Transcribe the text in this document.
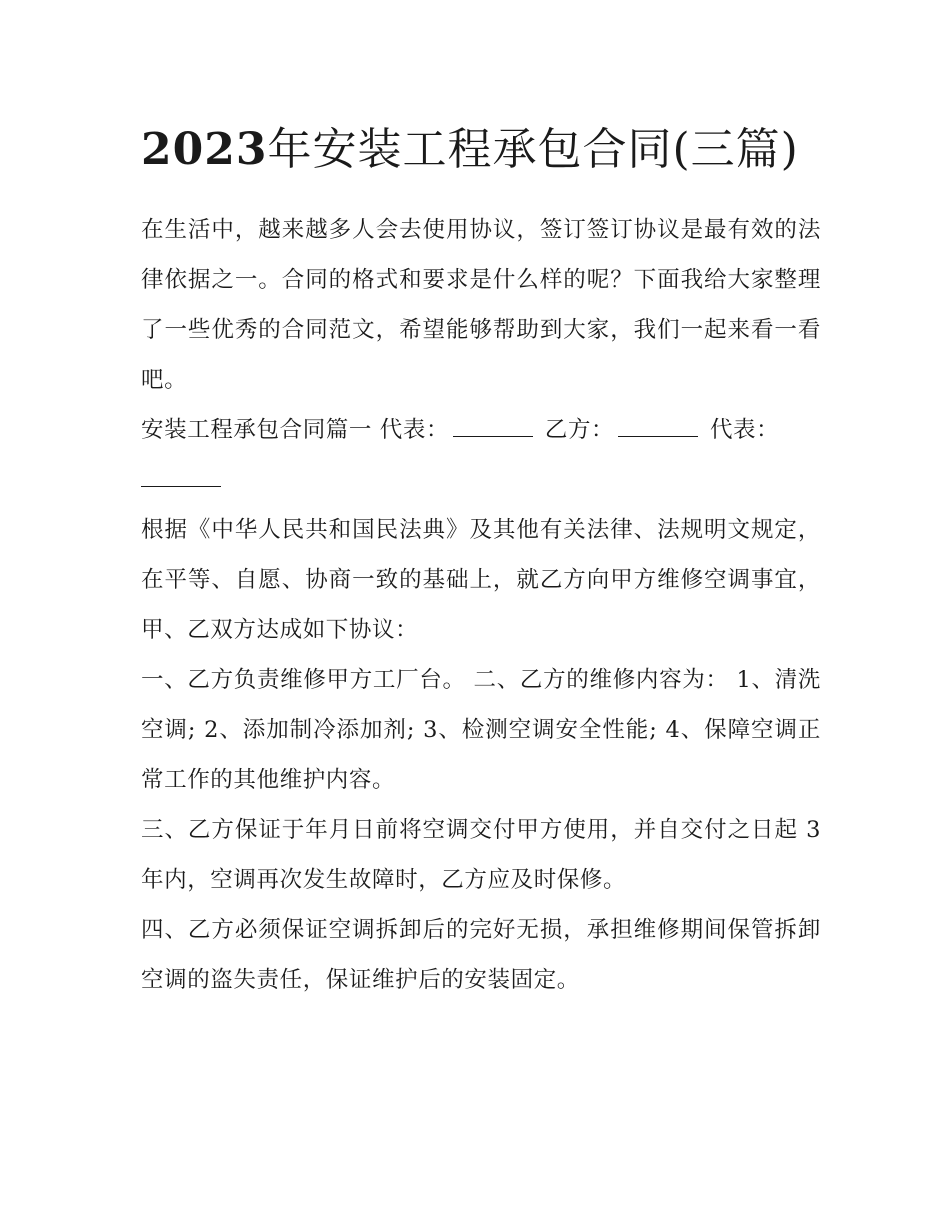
2023年安装工程承包合同(三篇)

在生活中，越来越多人会去使用协议，签订签订协议是最有效的法律依据之一。合同的格式和要求是什么样的呢？下面我给大家整理了一些优秀的合同范文，希望能够帮助到大家，我们一起来看一看吧。

安装工程承包合同篇一 代表：	乙方：	代表：

根据《中华人民共和国民法典》及其他有关法律、法规明文规定，在平等、自愿、协商一致的基础上，就乙方向甲方维修空调事宜，甲、乙双方达成如下协议：

一、乙方负责维修甲方工厂台。 二、乙方的维修内容为： 1、清洗空调; 2、添加制冷添加剂; 3、检测空调安全性能; 4、保障空调正常工作的其他维护内容。

三、乙方保证于年月日前将空调交付甲方使用，并自交付之日起 3 年内，空调再次发生故障时，乙方应及时保修。

四、乙方必须保证空调拆卸后的完好无损，承担维修期间保管拆卸空调的盗失责任，保证维护后的安装固定。
